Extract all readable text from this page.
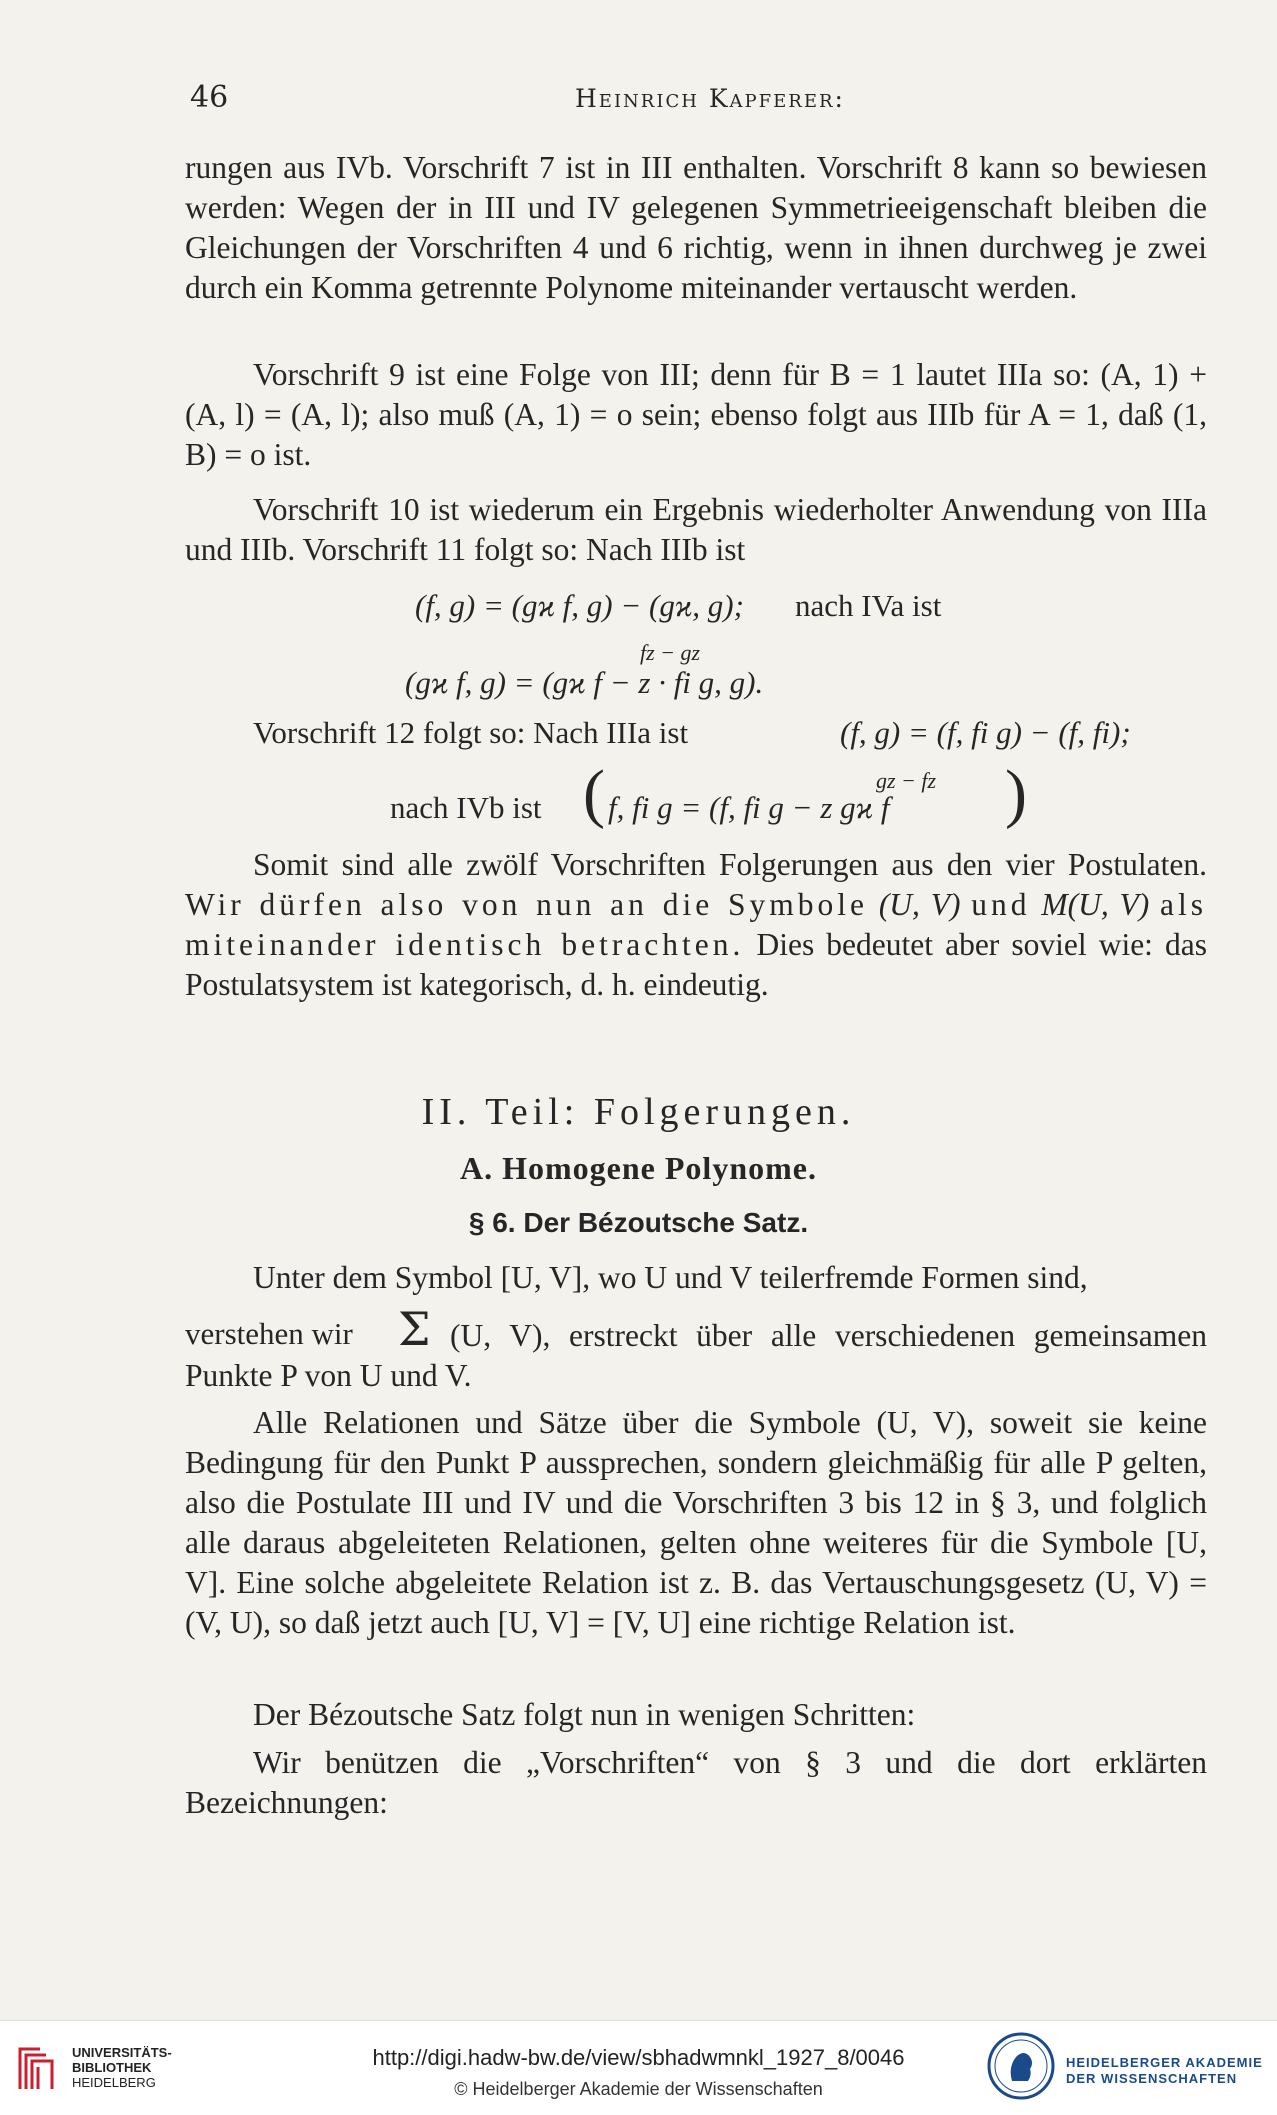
46	Heinrich Kapferer:

rungen aus IVb. Vorschrift 7 ist in III enthalten. Vorschrift 8 kann so bewiesen werden: Wegen der in III und IV gelegenen Symmetrieeigenschaft bleiben die Gleichungen der Vorschriften 4 und 6 richtig, wenn in ihnen durchweg je zwei durch ein Komma getrennte Polynome miteinander vertauscht werden.

Vorschrift 9 ist eine Folge von III; denn für B = 1 lautet IIIa so: (A, 1) + (A, l) = (A, l); also muß (A, 1) = o sein; ebenso folgt aus IIIb für A = 1, daß (1, B) = o ist.

Vorschrift 10 ist wiederum ein Ergebnis wiederholter Anwendung von IIIa und IIIb. Vorschrift 11 folgt so: Nach IIIb ist

(f, g) = (gϰ f, g) − (gϰ, g); nach IVa ist
fz − gz
(gϰ f, g) = (gϰ f − z · fi g, g).
Vorschrift 12 folgt so: Nach IIIa ist	(f, g) = (f, fi g) − (f, fi);
nach IVb ist (	gz − fz
f, fi g = (f, fi g − z gϰ f )

Somit sind alle zwölf Vorschriften Folgerungen aus den vier Postulaten. Wir dürfen also von nun an die Symbole (U, V) und M(U, V) als miteinander identisch betrachten. Dies bedeutet aber soviel wie: das Postulatsystem ist kategorisch, d. h. eindeutig.

II. Teil: Folgerungen.
A. Homogene Polynome.
§ 6. Der Bézoutsche Satz.

Unter dem Symbol [U, V], wo U und V teilerfremde Formen sind,

Σ
verstehen wir	(U, V), erstreckt über alle verschiedenen gemeinsamen Punkte P von U und V.

Alle Relationen und Sätze über die Symbole (U, V), soweit sie keine Bedingung für den Punkt P aussprechen, sondern gleichmäßig für alle P gelten, also die Postulate III und IV und die Vorschriften 3 bis 12 in § 3, und folglich alle daraus abgeleiteten Relationen, gelten ohne weiteres für die Symbole [U, V]. Eine solche abgeleitete Relation ist z. B. das Vertauschungsgesetz (U, V) = (V, U), so daß jetzt auch [U, V] = [V, U] eine richtige Relation ist.

Der Bézoutsche Satz folgt nun in wenigen Schritten:

Wir benützen die „Vorschriften“ von § 3 und die dort erklärten Bezeichnungen:

UNIVERSITÄTS-
BIBLIOTHEK
HEIDELBERG
http://digi.hadw-bw.de/view/sbhadwmnkl_1927_8/0046
© Heidelberger Akademie der Wissenschaften
HEIDELBERGER AKADEMIE
DER WISSENSCHAFTEN
